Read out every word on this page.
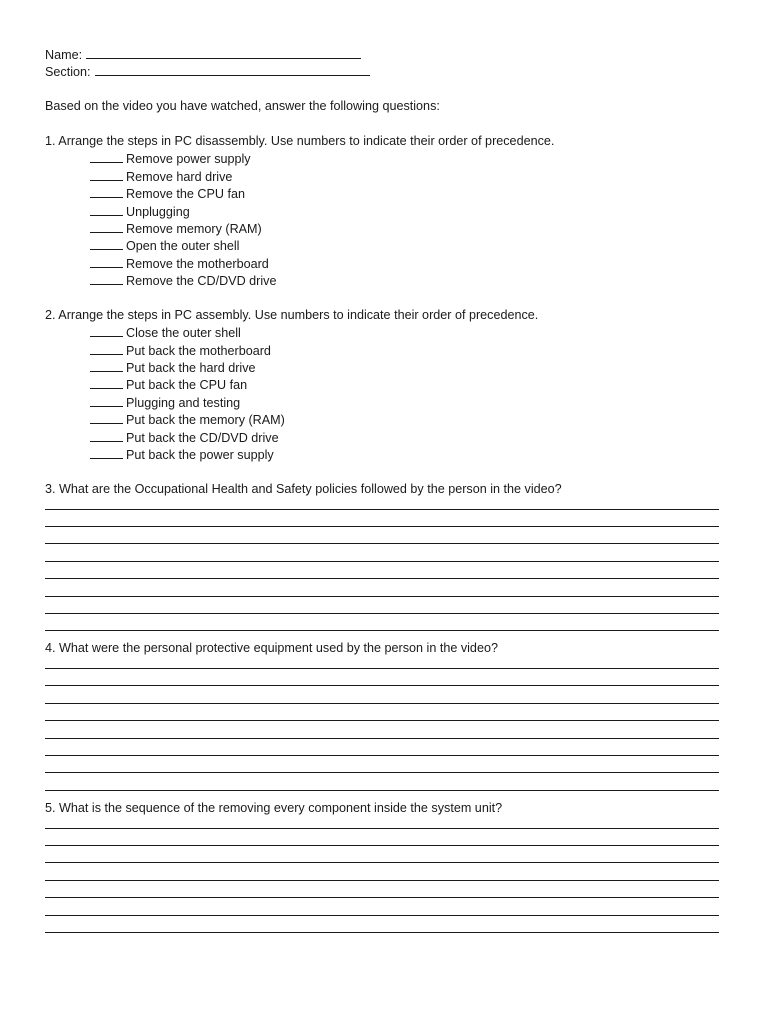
Name:
Section:
Based on the video you have watched, answer the following questions:
1. Arrange the steps in PC disassembly. Use numbers to indicate their order of precedence.
Remove power supply
Remove hard drive
Remove the CPU fan
Unplugging
Remove memory (RAM)
Open the outer shell
Remove the motherboard
Remove the CD/DVD drive
2. Arrange the steps in PC assembly. Use numbers to indicate their order of precedence.
Close the outer shell
Put back the motherboard
Put back the hard drive
Put back the CPU fan
Plugging and testing
Put back the memory (RAM)
Put back the CD/DVD drive
Put back the power supply
3. What are the Occupational Health and Safety policies followed by the person in the video?
4. What were the personal protective equipment used by the person in the video?
5. What is the sequence of the removing every component inside the system unit?
